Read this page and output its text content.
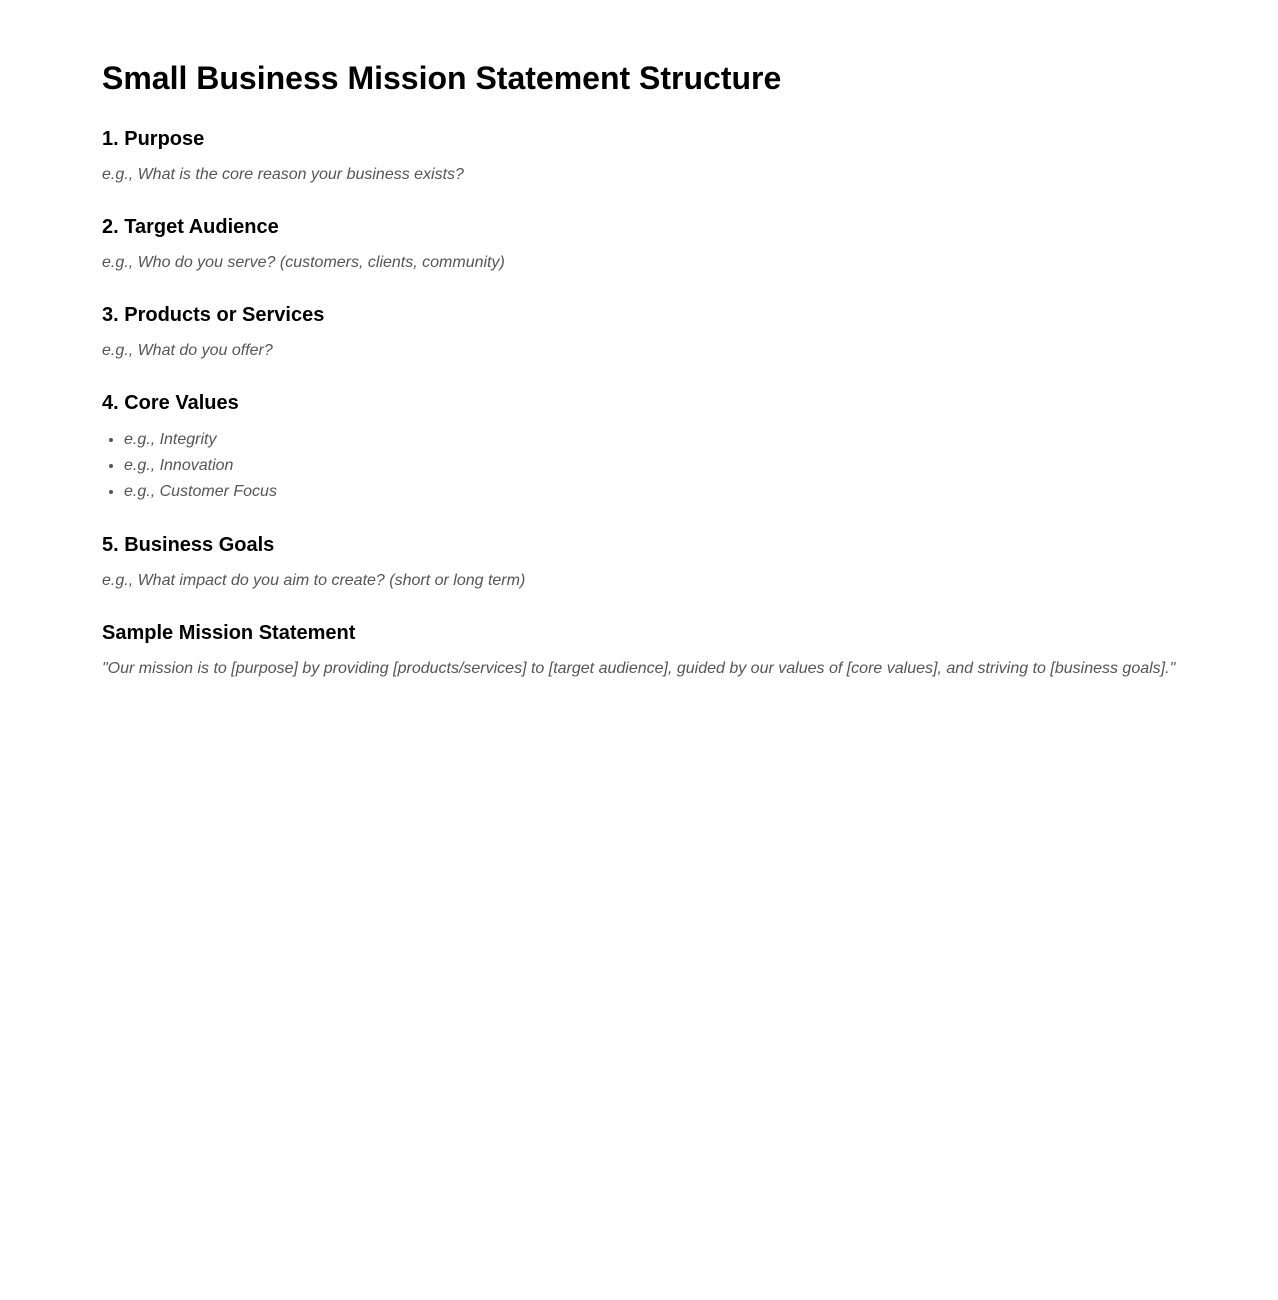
Small Business Mission Statement Structure
1. Purpose

e.g., What is the core reason your business exists?

2. Target Audience

e.g., Who do you serve? (customers, clients, community)

3. Products or Services

e.g., What do you offer?

4. Core Values
• e.g., Integrity
• e.g., Innovation
• e.g., Customer Focus
5. Business Goals

e.g., What impact do you aim to create? (short or long term)

Sample Mission Statement

"Our mission is to [purpose] by providing [products/services] to [target audience], guided by our values of [core values], and striving to [business goals]."
